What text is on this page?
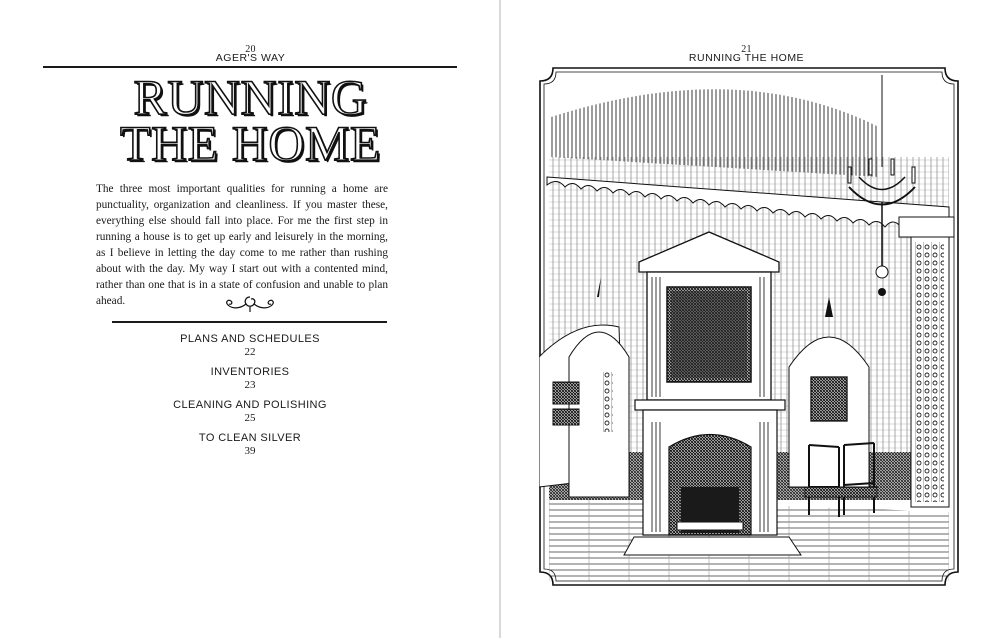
20
AGER'S WAY
RUNNING
THE HOME
The three most important qualities for running a home are punctuality, organization and cleanliness. If you master these, everything else should fall into place. For me the first step in running a house is to get up early and leisurely in the morning, as I believe in letting the day come to me rather than rushing about with the day. My way I start out with a contented mind, rather than one that is in a state of confusion and unable to plan ahead.
PLANS AND SCHEDULES
22
INVENTORIES
23
CLEANING AND POLISHING
25
TO CLEAN SILVER
39
21
RUNNING THE HOME
